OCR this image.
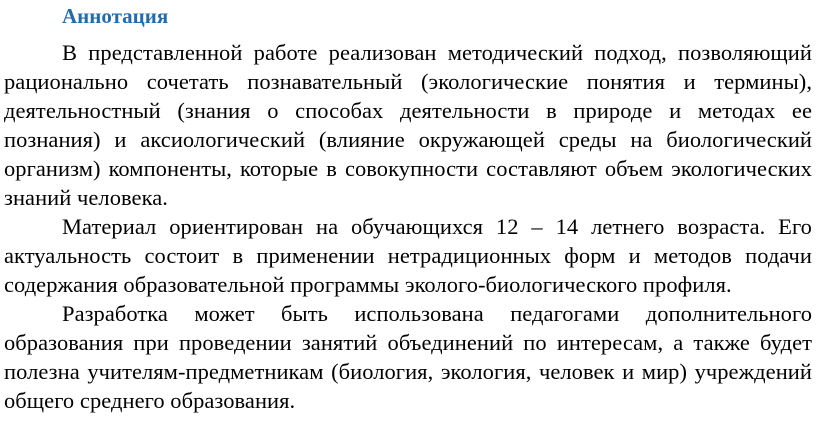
Аннотация

В представленной работе реализован методический подход, позволяющий рационально сочетать познавательный (экологические понятия и термины), деятельностный (знания о способах деятельности в природе и методах ее познания) и аксиологический (влияние окружающей среды на биологический организм) компоненты, которые в совокупности составляют объем экологических знаний человека.

Материал ориентирован на обучающихся 12 – 14 летнего возраста. Его актуальность состоит в применении нетрадиционных форм и методов подачи содержания образовательной программы эколого-биологического профиля.

Разработка может быть использована педагогами дополнительного образования при проведении занятий объединений по интересам, а также будет полезна учителям-предметникам (биология, экология, человек и мир) учреждений общего среднего образования.
